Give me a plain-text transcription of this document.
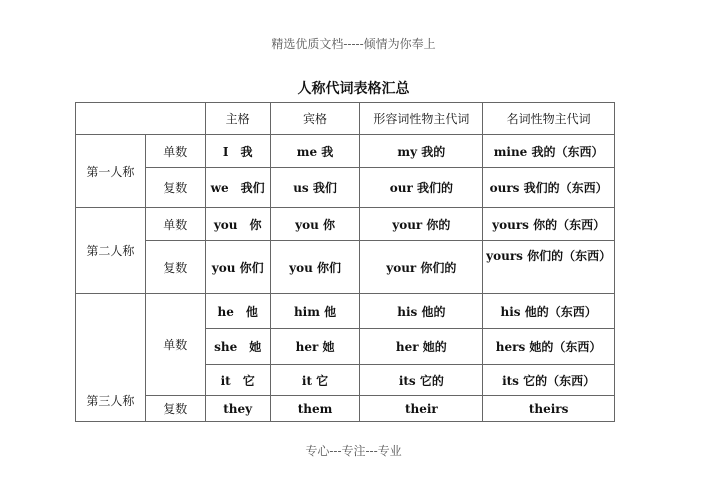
精选优质文档-----倾情为你奉上
人称代词表格汇总
		主格	宾格	形容词性物主代词	名词性物主代词
第一人称	单数	I　我	me 我	my 我的	mine 我的（东西）
	复数	we　我们	us 我们	our 我们的	ours 我们的（东西）
第二人称	单数	you　你	you 你	your 你的	yours 你的（东西）
	复数	you 你们	you 你们	your 你们的	yours 你们的（东西）
第三人称	单数	he　他	him 他	his 他的	his 他的（东西）
		she　她	her 她	her 她的	hers 她的（东西）
		it　它	it 它	its 它的	its 它的（东西）
	复数	they	them	their	theirs
专心---专注---专业
